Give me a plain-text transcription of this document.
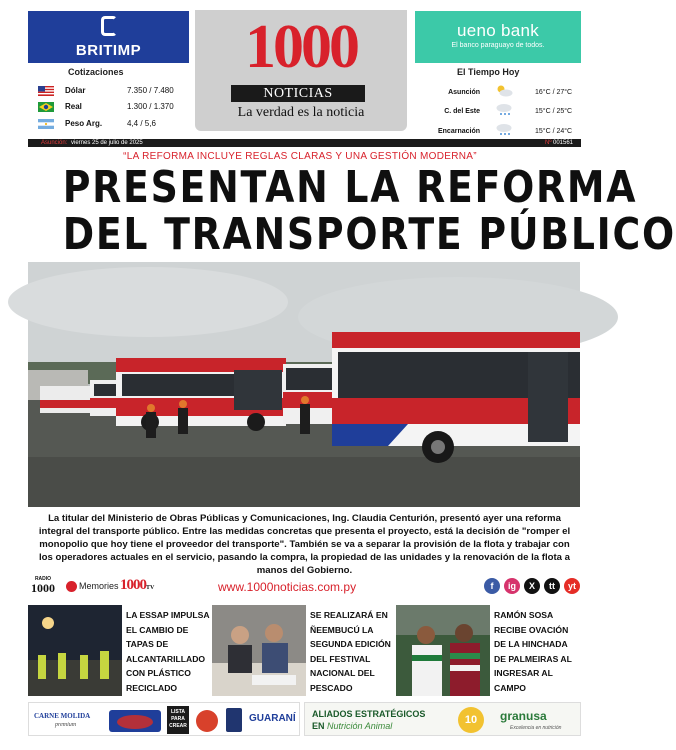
BRITIMP	1000
NOTICIAS
La verdad es la noticia
ueno bank
El banco paraguayo de todos.
Cotizaciones
Dólar	7.350 / 7.480
Real	1.300 / 1.370
Peso Arg.	4,4 / 5,6
El Tiempo Hoy
Asunción	16°C / 27°C
C. del Este	15°C / 25°C
Encarnación	15°C / 24°C
Asunción: viernes 25 de julio de 2025	Nº 001561
“LA REFORMA INCLUYE REGLAS CLARAS Y UNA GESTIÓN MODERNA”
PRESENTAN LA REFORMA
DEL TRANSPORTE PÚBLICO
La titular del Ministerio de Obras Públicas y Comunicaciones, Ing. Claudia Centurión, presentó ayer una reforma integral del transporte público. Entre las medidas concretas que presenta el proyecto, está la decisión de "romper el monopolio que hoy tiene el proveedor del transporte". También se va a separar la provisión de la flota y trabajar con los operadores actuales en el servicio, pasando la compra, la propiedad de las unidades y la renovación de la flota a manos del Gobierno.
RADIO
1000	Memories 1000TV	www.1000noticias.com.py	f	ig	X	tt	yt
LA ESSAP IMPULSA EL CAMBIO DE TAPAS DE ALCANTARILLADO CON PLÁSTICO RECICLADO
SE REALIZARÁ EN ÑEEMBUCÚ LA SEGUNDA EDICIÓN DEL FESTIVAL NACIONAL DEL PESCADO
RAMÓN SOSA RECIBE OVACIÓN DE LA HINCHADA DE PALMEIRAS AL INGRESAR AL CAMPO
CARNE MOLIDA
premium
LISTA PARA CREAR
GUARANÍ ALIADOS ESTRATÉGICOS
EN Nutrición Animal	10	granusa
Excelencia en nutrición
